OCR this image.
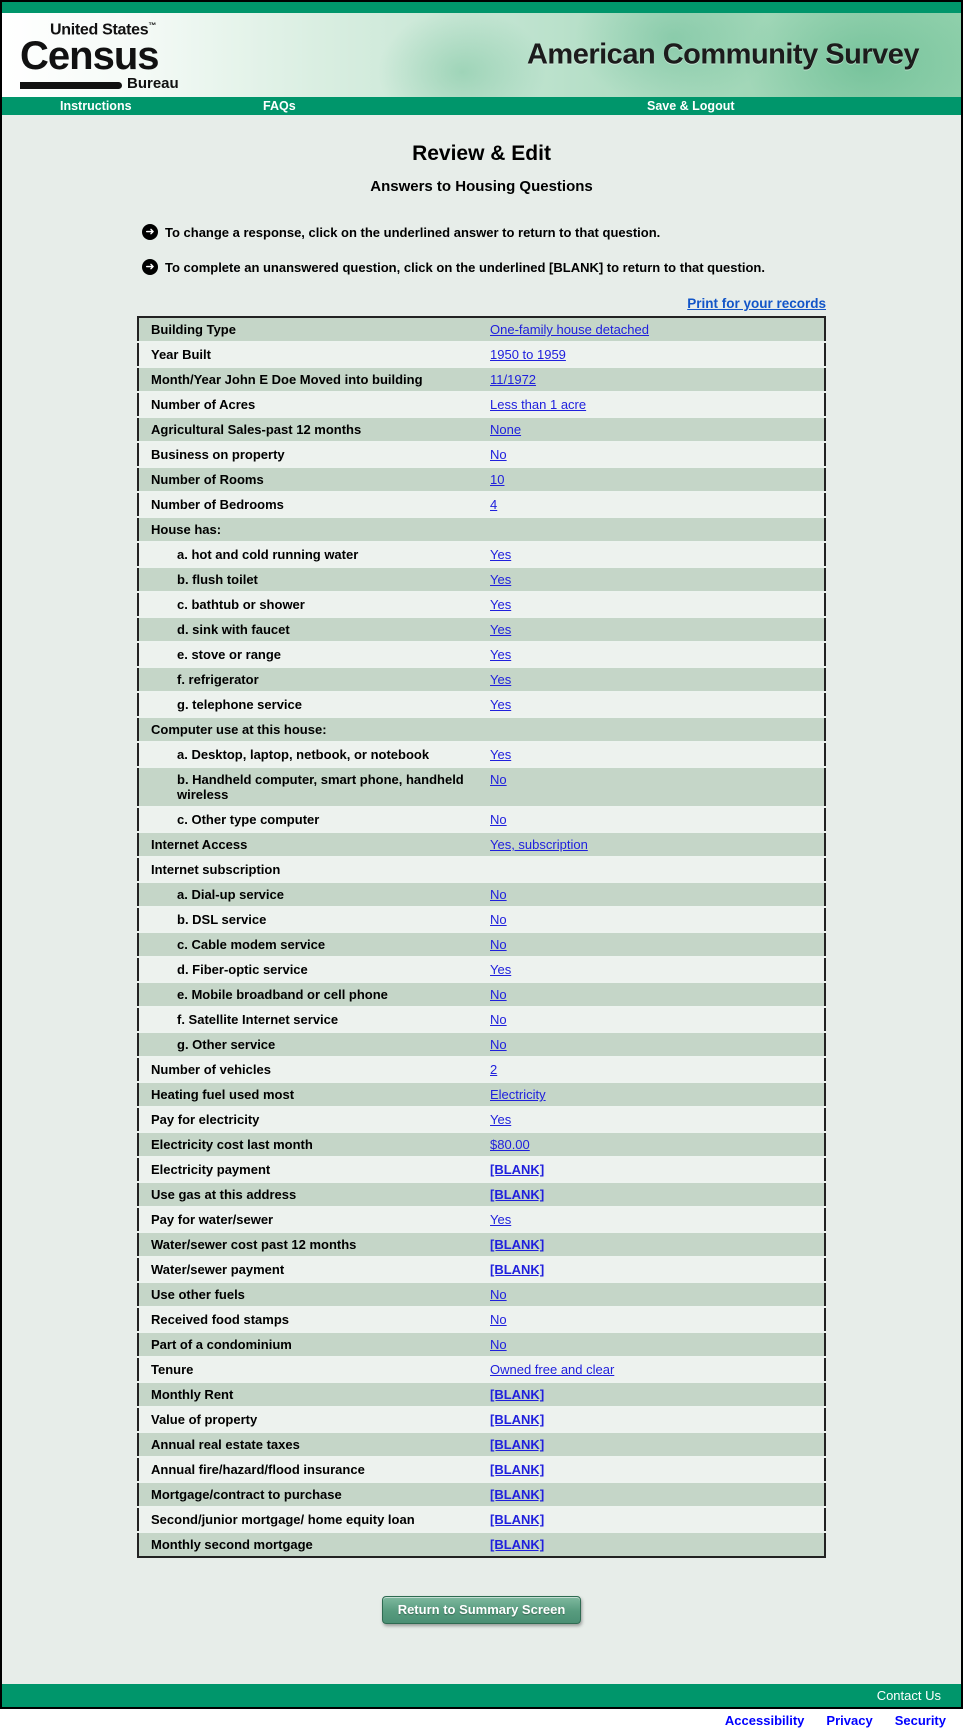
United States™
Census
Bureau
American Community Survey
Instructions	FAQs	Save & Logout
Review & Edit
Answers to Housing Questions
➜ To change a response, click on the underlined answer to return to that question.
➜ To complete an unanswered question, click on the underlined [BLANK] to return to that question.
Print for your records
Building Type	One-family house detached
Year Built	1950 to 1959
Month/Year John E Doe Moved into building	11/1972
Number of Acres	Less than 1 acre
Agricultural Sales-past 12 months	None
Business on property	No
Number of Rooms	10
Number of Bedrooms	4
House has:	
a. hot and cold running water	Yes
b. flush toilet	Yes
c. bathtub or shower	Yes
d. sink with faucet	Yes
e. stove or range	Yes
f. refrigerator	Yes
g. telephone service	Yes
Computer use at this house:	
a. Desktop, laptop, netbook, or notebook	Yes
b. Handheld computer, smart phone, handheld wireless	No
c. Other type computer	No
Internet Access	Yes, subscription
Internet subscription	
a. Dial-up service	No
b. DSL service	No
c. Cable modem service	No
d. Fiber-optic service	Yes
e. Mobile broadband or cell phone	No
f. Satellite Internet service	No
g. Other service	No
Number of vehicles	2
Heating fuel used most	Electricity
Pay for electricity	Yes
Electricity cost last month	$80.00
Electricity payment	[BLANK]
Use gas at this address	[BLANK]
Pay for water/sewer	Yes
Water/sewer cost past 12 months	[BLANK]
Water/sewer payment	[BLANK]
Use other fuels	No
Received food stamps	No
Part of a condominium	No
Tenure	Owned free and clear
Monthly Rent	[BLANK]
Value of property	[BLANK]
Annual real estate taxes	[BLANK]
Annual fire/hazard/flood insurance	[BLANK]
Mortgage/contract to purchase	[BLANK]
Second/junior mortgage/ home equity loan	[BLANK]
Monthly second mortgage	[BLANK]
Return to Summary Screen
Contact Us
Accessibility Privacy Security
